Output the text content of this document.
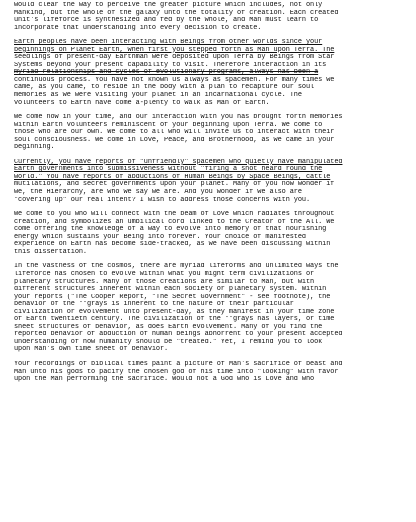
would clear the way to perceive the greater picture which includes, not only
Mankind, but the whole of the galaxy unto the totality of creation. Each created
unit's lifeforce is synthesized and fed by the whole, and Man must learn to
incorporate that understanding into every decision to create.
Earth peoples have been interacting with Beings from other worlds since your
beginnings on Planet Earth, when first you stepped forth as Man upon Terra. The
seedlings of present-day Earthman were deposited upon Terra by Beings from Star
Systems beyond your present capability to visit. Therefore interaction in its
myriad relationships and cycles of evolutionary programs, always has been a
continuous process. You have not known us always as spacemen. For many times we
came, as you came, to reside in the body with a plan to recapture our soul
memories as we were visiting your planet in an incarnational cycle. The
volunteers to Earth have come a-plenty to walk as Man of Earth.
We come now in your time, and our interaction with you has brought forth memories
within Earth volunteers reminiscent of your beginning upon Terra. We come to
those who are our own. We come to all who will invite us to interact with their
soul consciousness. We come in Love, Peace, and Brotherhood, as we came in your
beginning.
Currently, you have reports of "unfriendly" spacemen who quietly have manipulated
Earth governments into submissiveness without "firing a shot heard round the
world." You have reports of abductions of Human Beings by Space Beings, cattle
mutilations, and secret governments upon your planet. Many of you now wonder if
we, the Hierarchy, are who we say we are. And you wonder if we also are
"covering up" our real intent? I wish to address those concerns with you.
We come to you who will connect with the beam of Love which radiates throughout
creation, and symbolizes an umbilical cord linked to the Creator of the All. We
come offering the knowledge of a way to evolve into memory of that nourishing
energy which sustains your Being into forever. Your choice of manifested
experience on Earth has become side-tracked, as we have been discussing within
this dissertation.
In the vastness of the cosmos, there are myriad lifeforms and unlimited ways the
lifeforce has chosen to evolve within what you might term civilizations or
planetary structures. Many of those creations are similar to Man, but with
different structures inherent within each society or planetary system. Within
your reports ("The Cooper Report, "The Secret Government" - see footnote), the
behavior of the **grays is inherent to the nature of their particular
civilization or evolvement unto present-day, as they manifest in your time zone
of Earth twentieth century. The civilization of the **grays has layers, or time
sheet structures of behavior, as does Earth evolvement. Many of you find the
reported behavior of abduction of human beings abhorrent to your present accepted
understanding of how humanity should be "treated." Yet, I remind you to look
upon Man's own time sheet of behavior.
Your recordings of biblical times paint a picture of Man's sacrifice of beast and
Man unto his gods to pacify the chosen god of his time into "looking" with favor
upon the Man performing the sacrifice. Would not a God who is Love and who
